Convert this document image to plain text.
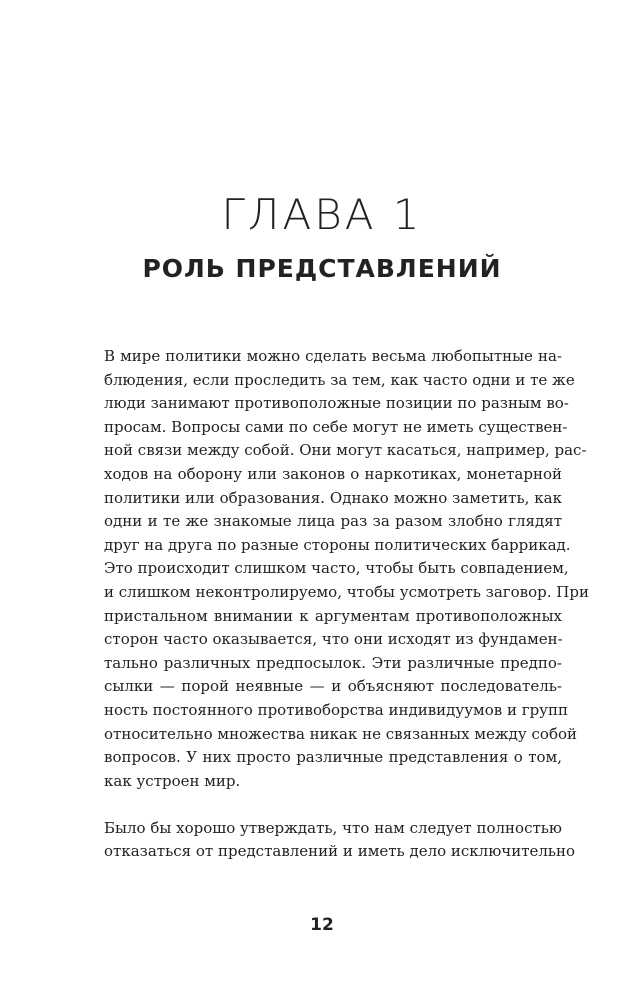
ГЛАВА 1
РОЛЬ ПРЕДСТАВЛЕНИЙ
В мире политики можно сделать весьма любопытные на-
блюдения, если проследить за тем, как часто одни и те же
люди занимают противоположные позиции по разным во-
просам. Вопросы сами по себе могут не иметь существен-
ной связи между собой. Они могут касаться, например, рас-
ходов на оборону или законов о наркотиках, монетарной
политики или образования. Однако можно заметить, как
одни и те же знакомые лица раз за разом злобно глядят
друг на друга по разные стороны политических баррикад.
Это происходит слишком часто, чтобы быть совпадением,
и слишком неконтролируемо, чтобы усмотреть заговор. При
пристальном внимании к аргументам противоположных
сторон часто оказывается, что они исходят из фундамен-
тально различных предпосылок. Эти различные предпо-
сылки — порой неявные — и объясняют последователь-
ность постоянного противоборства индивидуумов и групп
относительно множества никак не связанных между собой
вопросов. У них просто различные представления о том,
как устроен мир.
Было бы хорошо утверждать, что нам следует полностью
отказаться от представлений и иметь дело исключительно
12
